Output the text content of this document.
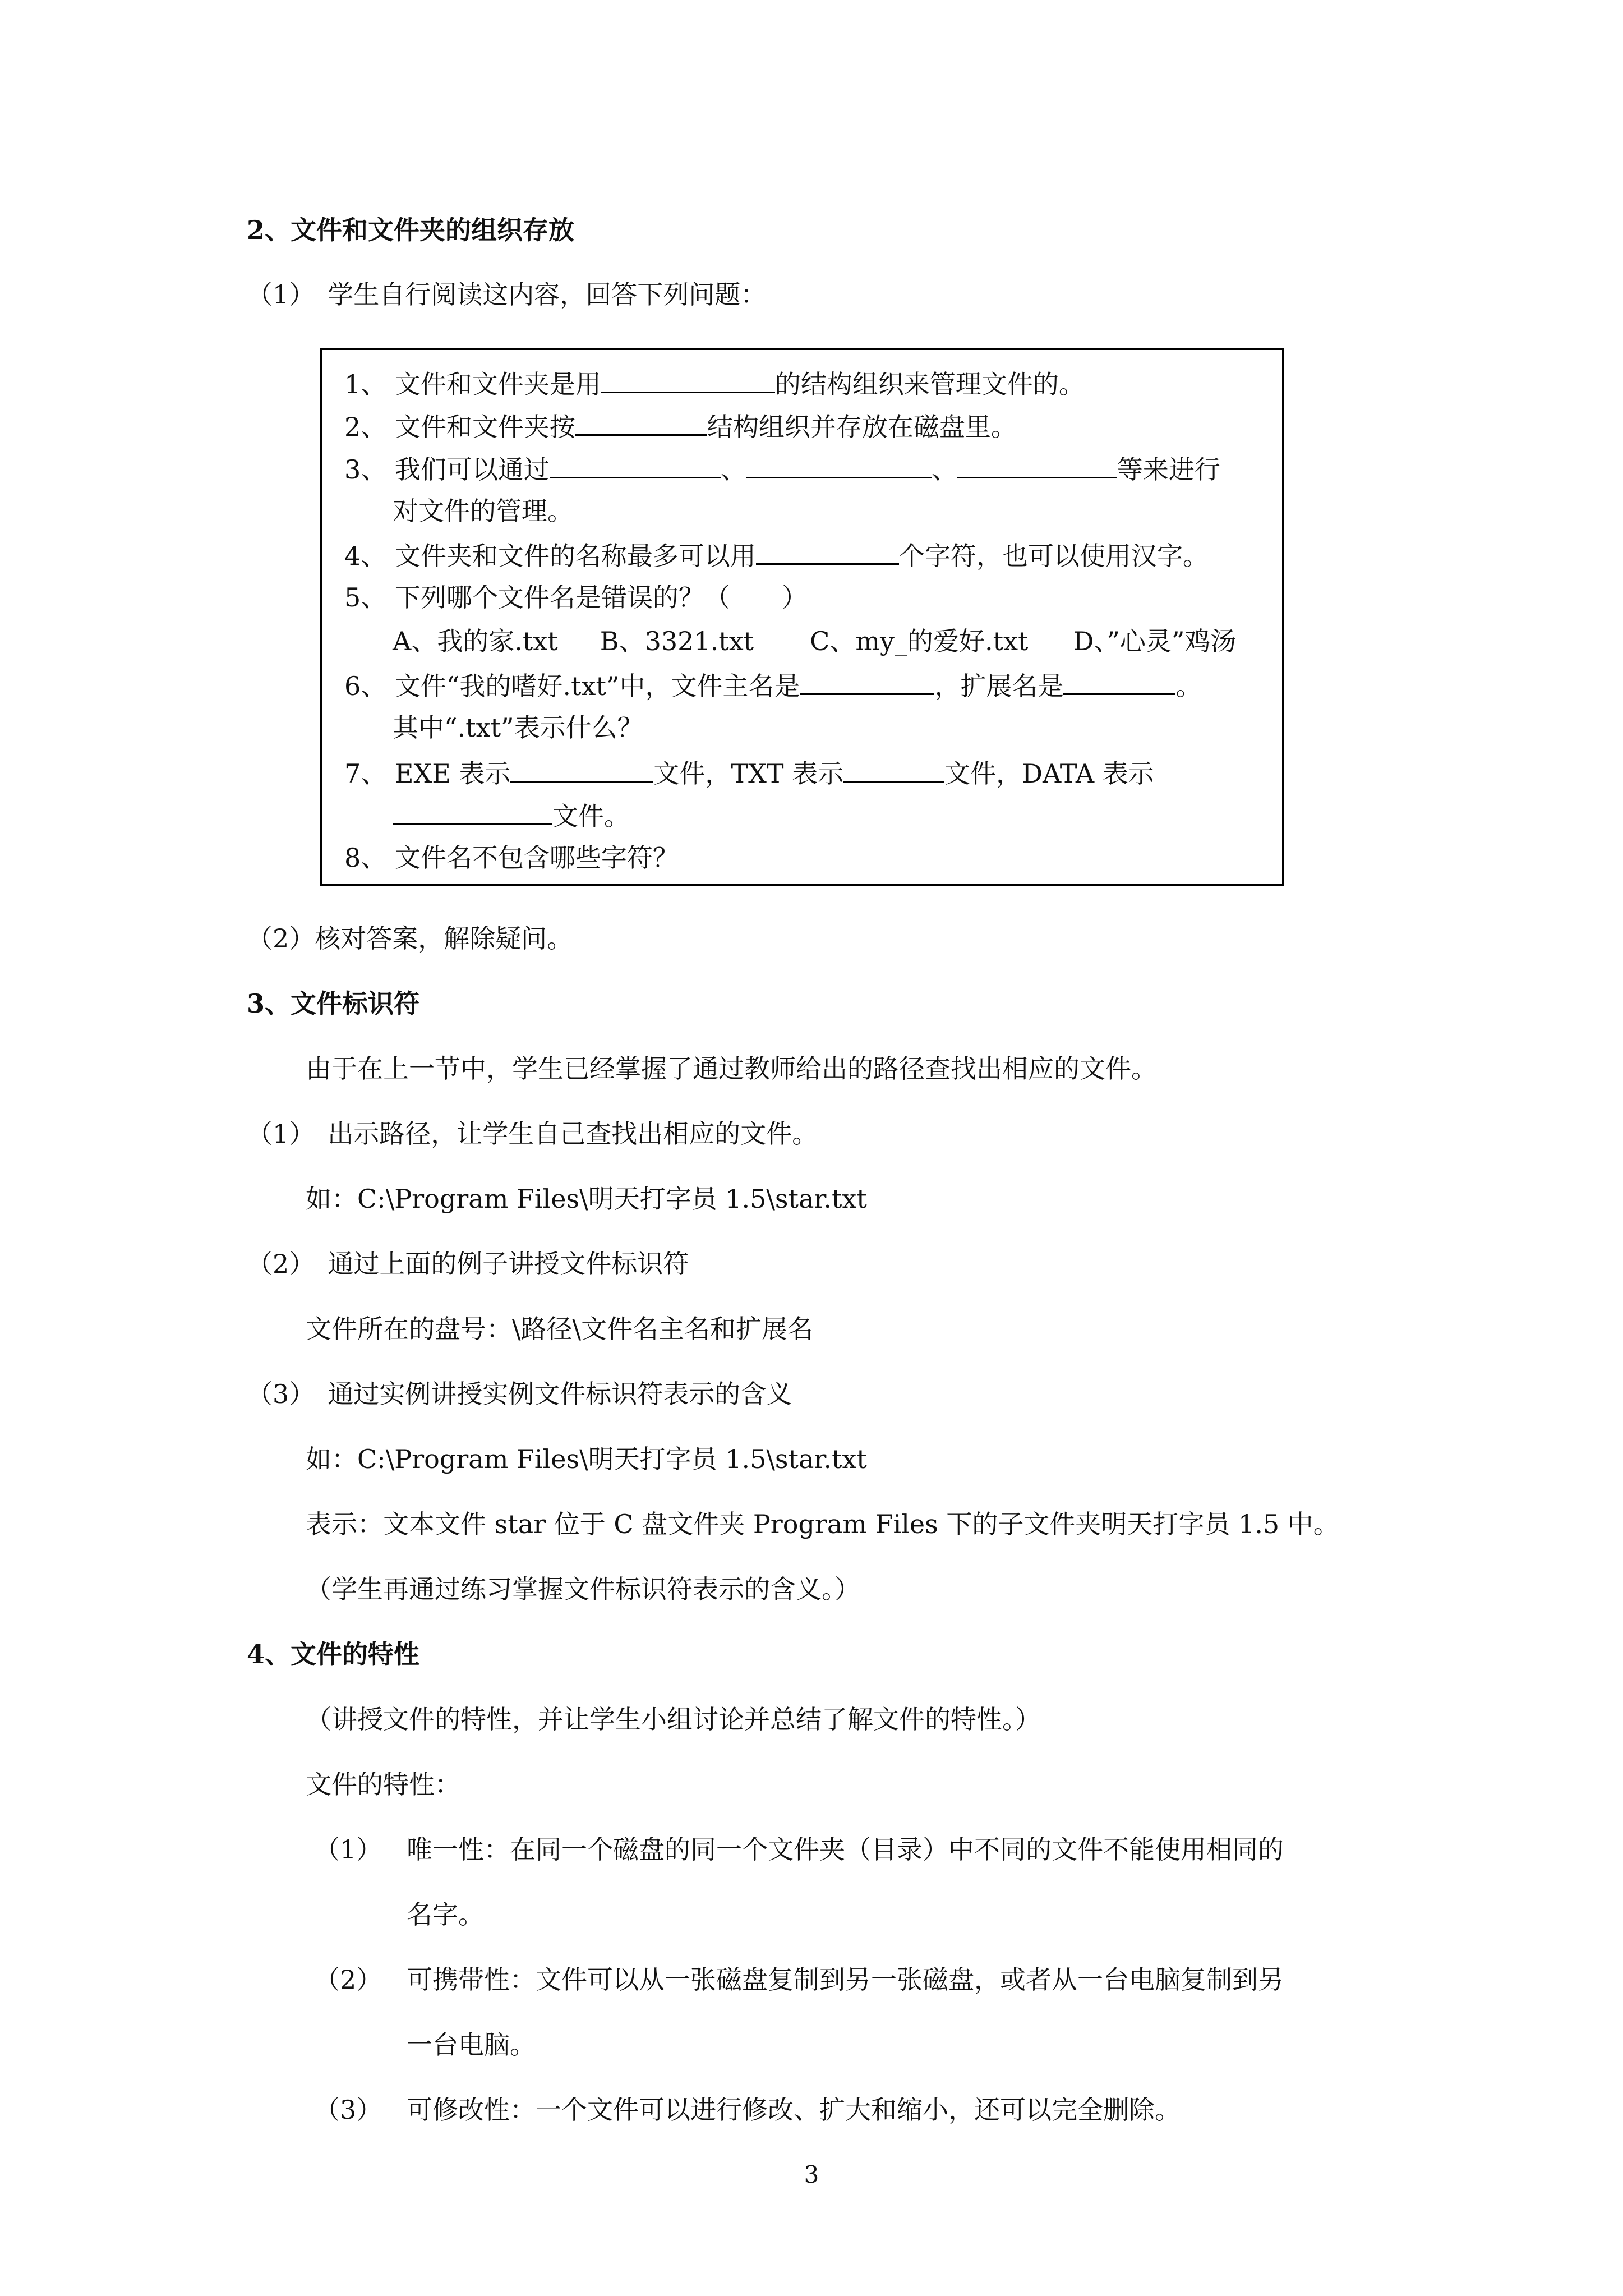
2、文件和文件夹的组织存放
（1）　学生自行阅读这内容，回答下列问题：
1、 文件和文件夹是用	的结构组织来管理文件的。
2、 文件和文件夹按	结构组织并存放在磁盘里。
3、 我们可以通过	、	、	等来进行
对文件的管理。
4、 文件夹和文件的名称最多可以用	个字符，也可以使用汉字。
5、 下列哪个文件名是错误的？（　　）
A、我的家.txt B、3321.txt C、my_的爱好.txt D、”心灵”鸡汤
6、 文件“我的嗜好.txt”中，文件主名是	，扩展名是	。
其中“.txt”表示什么？
7、 EXE 表示	文件，TXT 表示	文件，DATA 表示
文件。
8、 文件名不包含哪些字符？
（2）核对答案，解除疑问。
3、文件标识符
由于在上一节中，学生已经掌握了通过教师给出的路径查找出相应的文件。
（1）　出示路径，让学生自己查找出相应的文件。
如：C:\Program Files\明天打字员 1.5\star.txt
（2）　通过上面的例子讲授文件标识符
文件所在的盘号：\路径\文件名主名和扩展名
（3）　通过实例讲授实例文件标识符表示的含义
如：C:\Program Files\明天打字员 1.5\star.txt
表示：文本文件 star 位于 C 盘文件夹 Program Files 下的子文件夹明天打字员 1.5 中。
（学生再通过练习掌握文件标识符表示的含义。）
4、文件的特性
（讲授文件的特性，并让学生小组讨论并总结了解文件的特性。）
文件的特性：
（1） 唯一性：在同一个磁盘的同一个文件夹（目录）中不同的文件不能使用相同的
名字。
（2） 可携带性：文件可以从一张磁盘复制到另一张磁盘，或者从一台电脑复制到另
一台电脑。
（3） 可修改性：一个文件可以进行修改、扩大和缩小，还可以完全删除。
3
